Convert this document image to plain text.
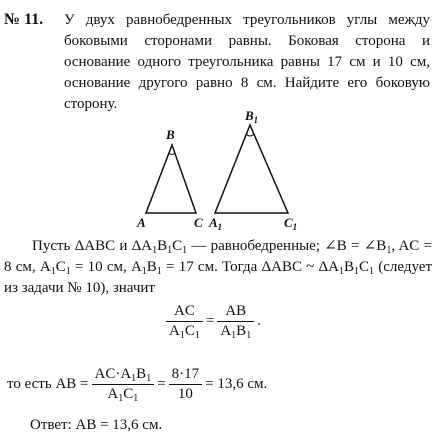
№ 11. У двух равнобедренных треугольников углы между боковыми сторонами равны. Боковая сторона и основание одного треугольника равны 17 см и 10 см, основание другого равно 8 см. Найдите его боковую сторону.

B
A	C
$B_1$
$A_1$	$C_1$

Пусть ΔABC и $\Delta A_1B_1C_1$ — равнобедренные; ∠B = $\angle B_1$, AC = 8 см, $A_1C_1 = 10$ см, $A_1B_1 = 17$ см. Тогда ΔABC ~ $\Delta A_1B_1C_1$ (следует из задачи № 10), значит

$\frac{AC}{A_1C_1} = \frac{AB}{A_1B_1}$ .
то есть AB = $\frac{AC\cdot A_1B_1}{A_1C_1} = \frac{8\cdot 17}{10} = 13,6$ см.
Ответ: AB = 13,6 см.
